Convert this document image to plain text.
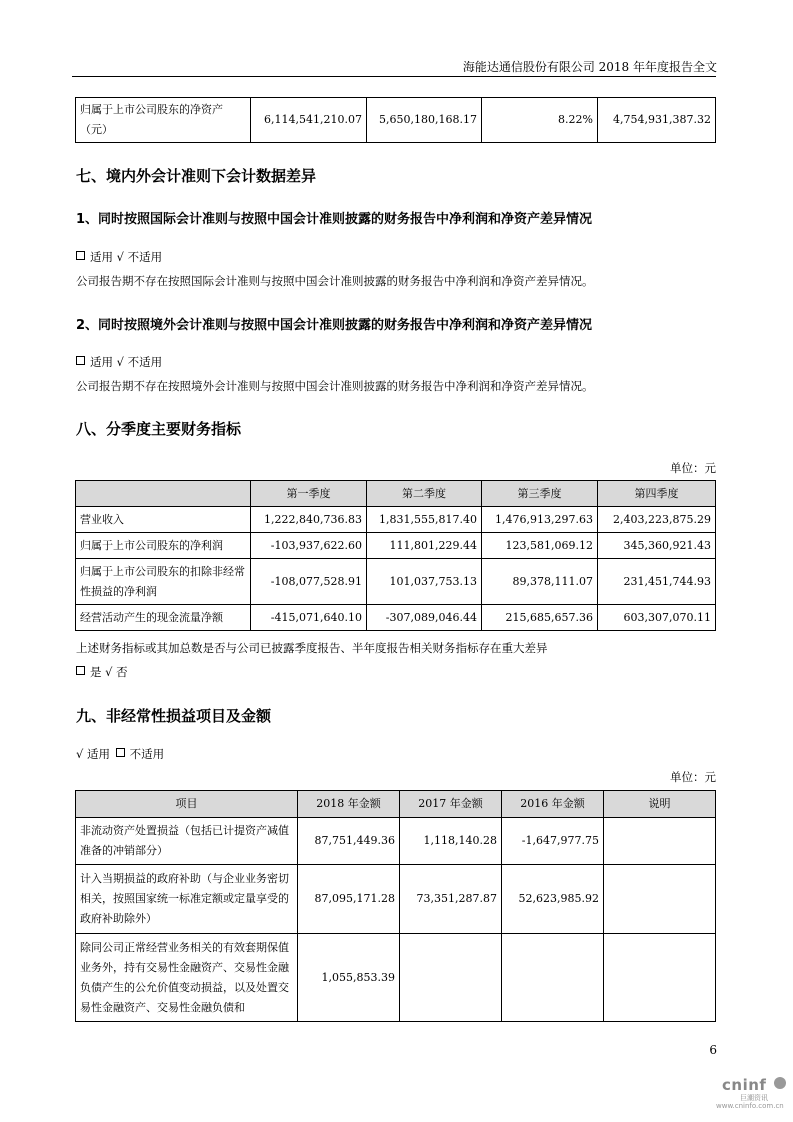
海能达通信股份有限公司 2018 年年度报告全文
归属于上市公司股东的净资产（元）	6,114,541,210.07	5,650,180,168.17	8.22%	4,754,931,387.32
七、境内外会计准则下会计数据差异
1、同时按照国际会计准则与按照中国会计准则披露的财务报告中净利润和净资产差异情况
适用 √ 不适用
公司报告期不存在按照国际会计准则与按照中国会计准则披露的财务报告中净利润和净资产差异情况。
2、同时按照境外会计准则与按照中国会计准则披露的财务报告中净利润和净资产差异情况
适用 √ 不适用
公司报告期不存在按照境外会计准则与按照中国会计准则披露的财务报告中净利润和净资产差异情况。
八、分季度主要财务指标
单位：元
	第一季度	第二季度	第三季度	第四季度
营业收入	1,222,840,736.83	1,831,555,817.40	1,476,913,297.63	2,403,223,875.29
归属于上市公司股东的净利润	-103,937,622.60	111,801,229.44	123,581,069.12	345,360,921.43
归属于上市公司股东的扣除非经常性损益的净利润	-108,077,528.91	101,037,753.13	89,378,111.07	231,451,744.93
经营活动产生的现金流量净额	-415,071,640.10	-307,089,046.44	215,685,657.36	603,307,070.11
上述财务指标或其加总数是否与公司已披露季度报告、半年度报告相关财务指标存在重大差异
是 √ 否
九、非经常性损益项目及金额
√ 适用 不适用
单位：元
项目	2018 年金额	2017 年金额	2016 年金额	说明
非流动资产处置损益（包括已计提资产减值准备的冲销部分）	87,751,449.36	1,118,140.28	-1,647,977.75	
计入当期损益的政府补助（与企业业务密切相关，按照国家统一标准定额或定量享受的政府补助除外）	87,095,171.28	73,351,287.87	52,623,985.92	
除同公司正常经营业务相关的有效套期保值业务外，持有交易性金融资产、交易性金融负债产生的公允价值变动损益，以及处置交易性金融资产、交易性金融负债和	1,055,853.39			
6
cninf
巨潮资讯
www.cninfo.com.cn
